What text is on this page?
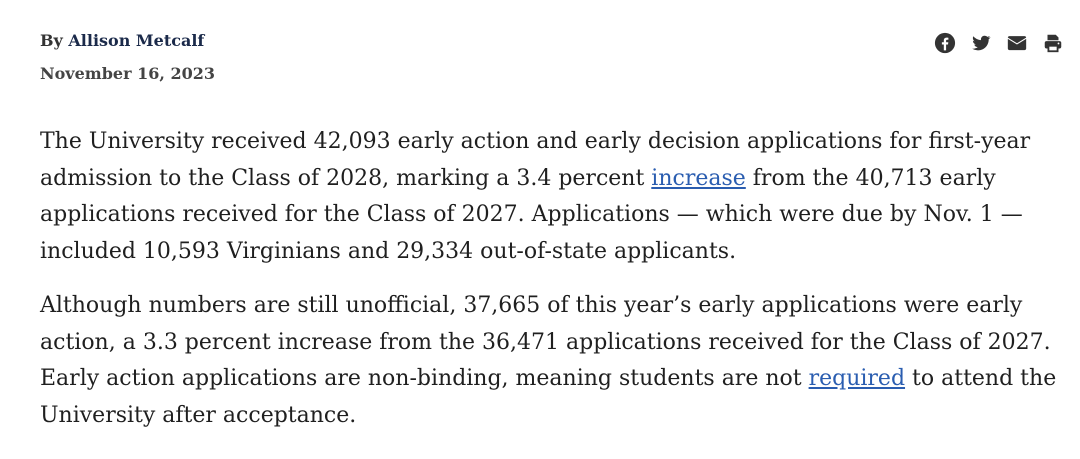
By Allison Metcalf
November 16, 2023

The University received 42,093 early action and early decision applications for first-year admission to the Class of 2028, marking a 3.4 percent increase from the 40,713 early applications received for the Class of 2027. Applications — which were due by Nov. 1 — included 10,593 Virginians and 29,334 out-of-state applicants.

Although numbers are still unofficial, 37,665 of this year’s early applications were early action, a 3.3 percent increase from the 36,471 applications received for the Class of 2027. Early action applications are non-binding, meaning students are not required to attend the University after acceptance.
